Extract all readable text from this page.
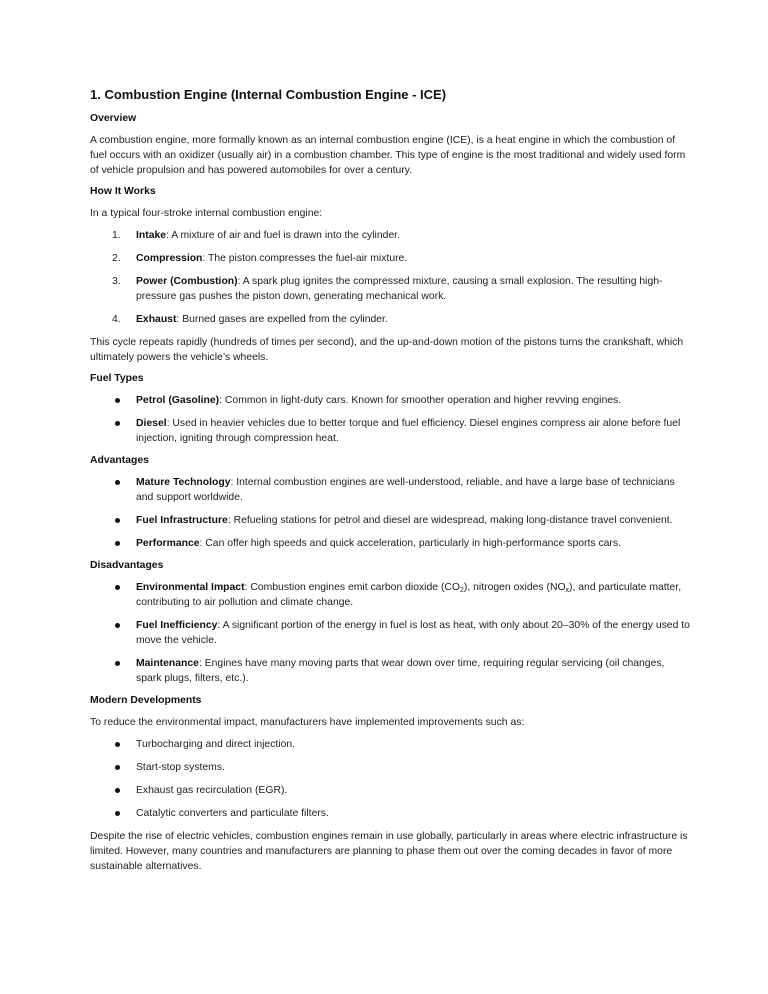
1. Combustion Engine (Internal Combustion Engine - ICE)
Overview

A combustion engine, more formally known as an internal combustion engine (ICE), is a heat engine in which the combustion of fuel occurs with an oxidizer (usually air) in a combustion chamber. This type of engine is the most traditional and widely used form of vehicle propulsion and has powered automobiles for over a century.

How It Works

In a typical four-stroke internal combustion engine:

1. Intake: A mixture of air and fuel is drawn into the cylinder.
2. Compression: The piston compresses the fuel-air mixture.
3. Power (Combustion): A spark plug ignites the compressed mixture, causing a small explosion. The resulting high-pressure gas pushes the piston down, generating mechanical work.
4. Exhaust: Burned gases are expelled from the cylinder.

This cycle repeats rapidly (hundreds of times per second), and the up-and-down motion of the pistons turns the crankshaft, which ultimately powers the vehicle’s wheels.

Fuel Types
Petrol (Gasoline): Common in light-duty cars. Known for smoother operation and higher revving engines.
Diesel: Used in heavier vehicles due to better torque and fuel efficiency. Diesel engines compress air alone before fuel injection, igniting through compression heat.
Advantages
Mature Technology: Internal combustion engines are well-understood, reliable, and have a large base of technicians and support worldwide.
Fuel Infrastructure: Refueling stations for petrol and diesel are widespread, making long-distance travel convenient.
Performance: Can offer high speeds and quick acceleration, particularly in high-performance sports cars.
Disadvantages
Environmental Impact: Combustion engines emit carbon dioxide $(CO_2)$, nitrogen oxides $(NO_x)$, and particulate matter, contributing to air pollution and climate change.
Fuel Inefficiency: A significant portion of the energy in fuel is lost as heat, with only about 20–30% of the energy used to move the vehicle.
Maintenance: Engines have many moving parts that wear down over time, requiring regular servicing (oil changes, spark plugs, filters, etc.).
Modern Developments

To reduce the environmental impact, manufacturers have implemented improvements such as:

Turbocharging and direct injection.
Start-stop systems.
Exhaust gas recirculation (EGR).
Catalytic converters and particulate filters.

Despite the rise of electric vehicles, combustion engines remain in use globally, particularly in areas where electric infrastructure is limited. However, many countries and manufacturers are planning to phase them out over the coming decades in favor of more sustainable alternatives.
